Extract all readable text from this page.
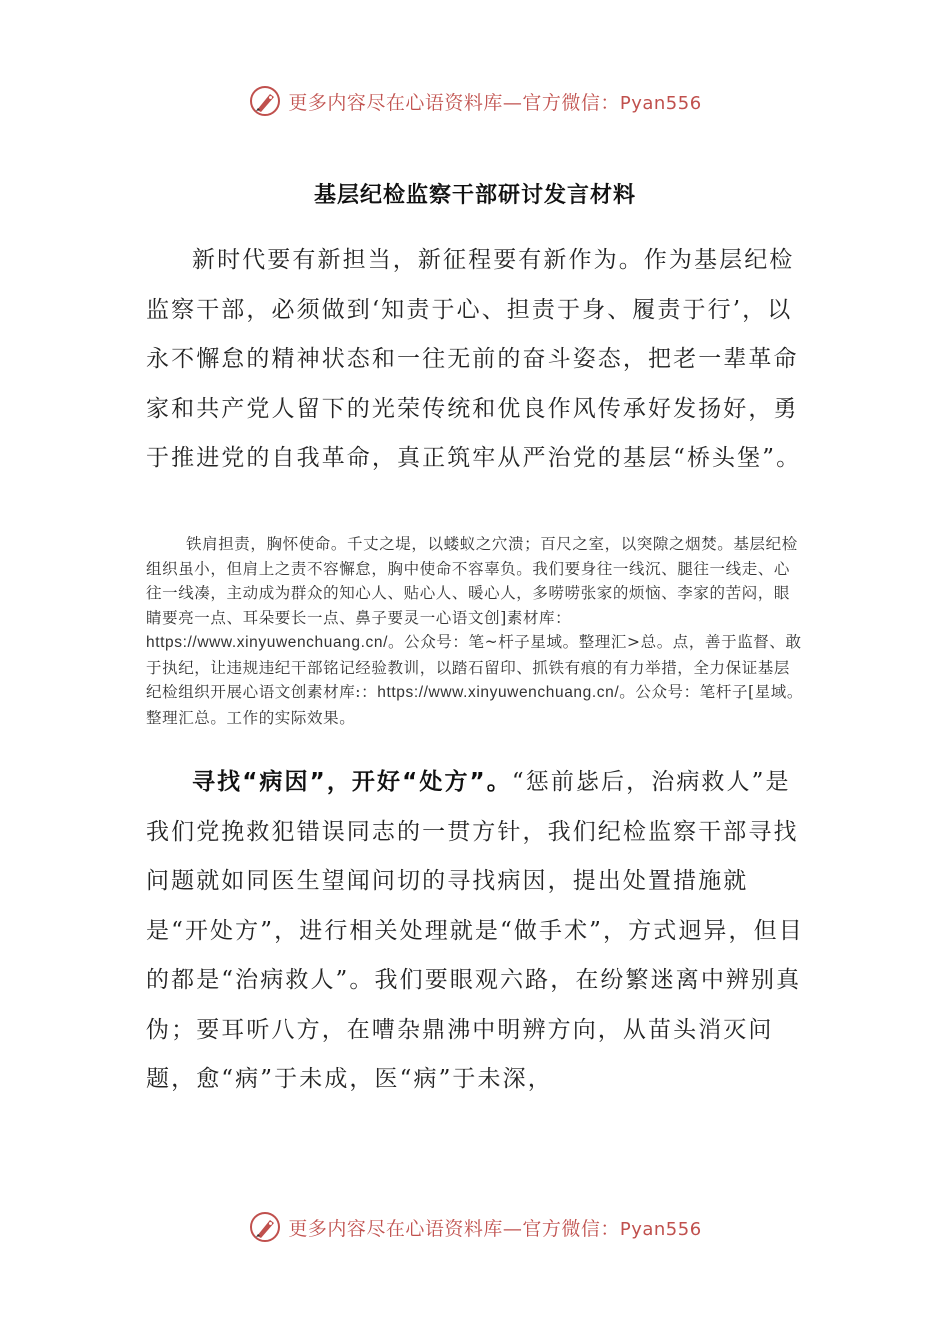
更多内容尽在心语资料库—官方微信：Pyan556
基层纪检监察干部研讨发言材料

新时代要有新担当，新征程要有新作为。作为基层纪检监察干部，必须做到‘知责于心、担责于身、履责于行’，以永不懈怠的精神状态和一往无前的奋斗姿态，把老一辈革命家和共产党人留下的光荣传统和优良作风传承好发扬好，勇于推进党的自我革命，真正筑牢从严治党的基层“桥头堡”。

铁肩担责，胸怀使命。千丈之堤，以蝼蚁之穴溃；百尺之室，以突隙之烟焚。基层纪检组织虽小，但肩上之责不容懈怠，胸中使命不容辜负。我们要身往一线沉、腿往一线走、心往一线凑，主动成为群众的知心人、贴心人、暖心人，多唠唠张家的烦恼、李家的苦闷，眼睛要亮一点、耳朵要长一点、鼻子要灵一心语文创]素材库：https://www.xinyuwenchuang.cn/。公众号：笔~杆子星域。整理汇>总。点，善于监督、敢于执纪，让违规违纪干部铭记经验教训，以踏石留印、抓铁有痕的有力举措，全力保证基层纪检组织开展心语文创素材库:：https://www.xinyuwenchuang.cn/。公众号：笔杆子[星域。整理汇总。工作的实际效果。

寻找“病因”，开好“处方”。“惩前毖后，治病救人”是我们党挽救犯错误同志的一贯方针，我们纪检监察干部寻找问题就如同医生望闻问切的寻找病因，提出处置措施就是“开处方”，进行相关处理就是“做手术”，方式迥异，但目的都是“治病救人”。我们要眼观六路，在纷繁迷离中辨别真伪；要耳听八方，在嘈杂鼎沸中明辨方向，从苗头消灭问题，愈“病”于未成，医“病”于未深，

更多内容尽在心语资料库—官方微信：Pyan556
